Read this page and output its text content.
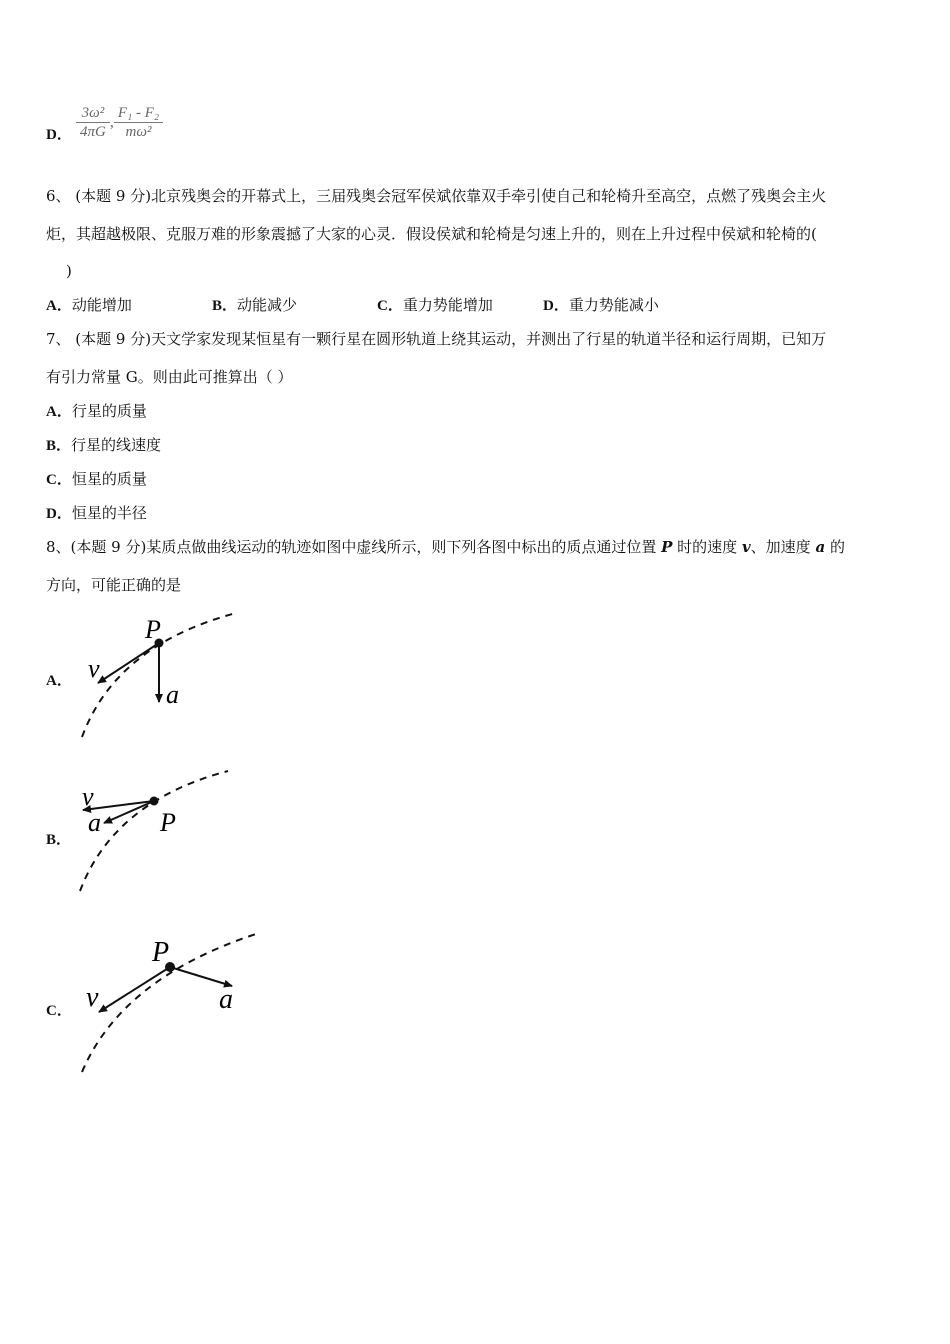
D． $\frac{\text{3ω²}}{4\pi G}$ , $\frac{\text{F₁ - F₂}}{\text{mω²}}$
6、 (本题 9 分)北京残奥会的开幕式上，三届残奥会冠军侯斌依靠双手牵引使自己和轮椅升至高空，点燃了残奥会主火
炬，其超越极限、克服万难的形象震撼了大家的心灵．假设侯斌和轮椅是匀速上升的，则在上升过程中侯斌和轮椅的(
)
A．动能增加	B．动能减少	C．重力势能增加	D．重力势能减小
7、 (本题 9 分)天文学家发现某恒星有一颗行星在圆形轨道上绕其运动，并测出了行星的轨道半径和运行周期，已知万
有引力常量 G。则由此可推算出（ ）
A．行星的质量
B．行星的线速度
C．恒星的质量
D．恒星的半径
8、(本题 9 分)某质点做曲线运动的轨迹如图中虚线所示，则下列各图中标出的质点通过位置 P 时的速度 v、加速度 a 的
方向，可能正确的是
A．
P
v
a
B．
P
v
a
C．
P
v	a
